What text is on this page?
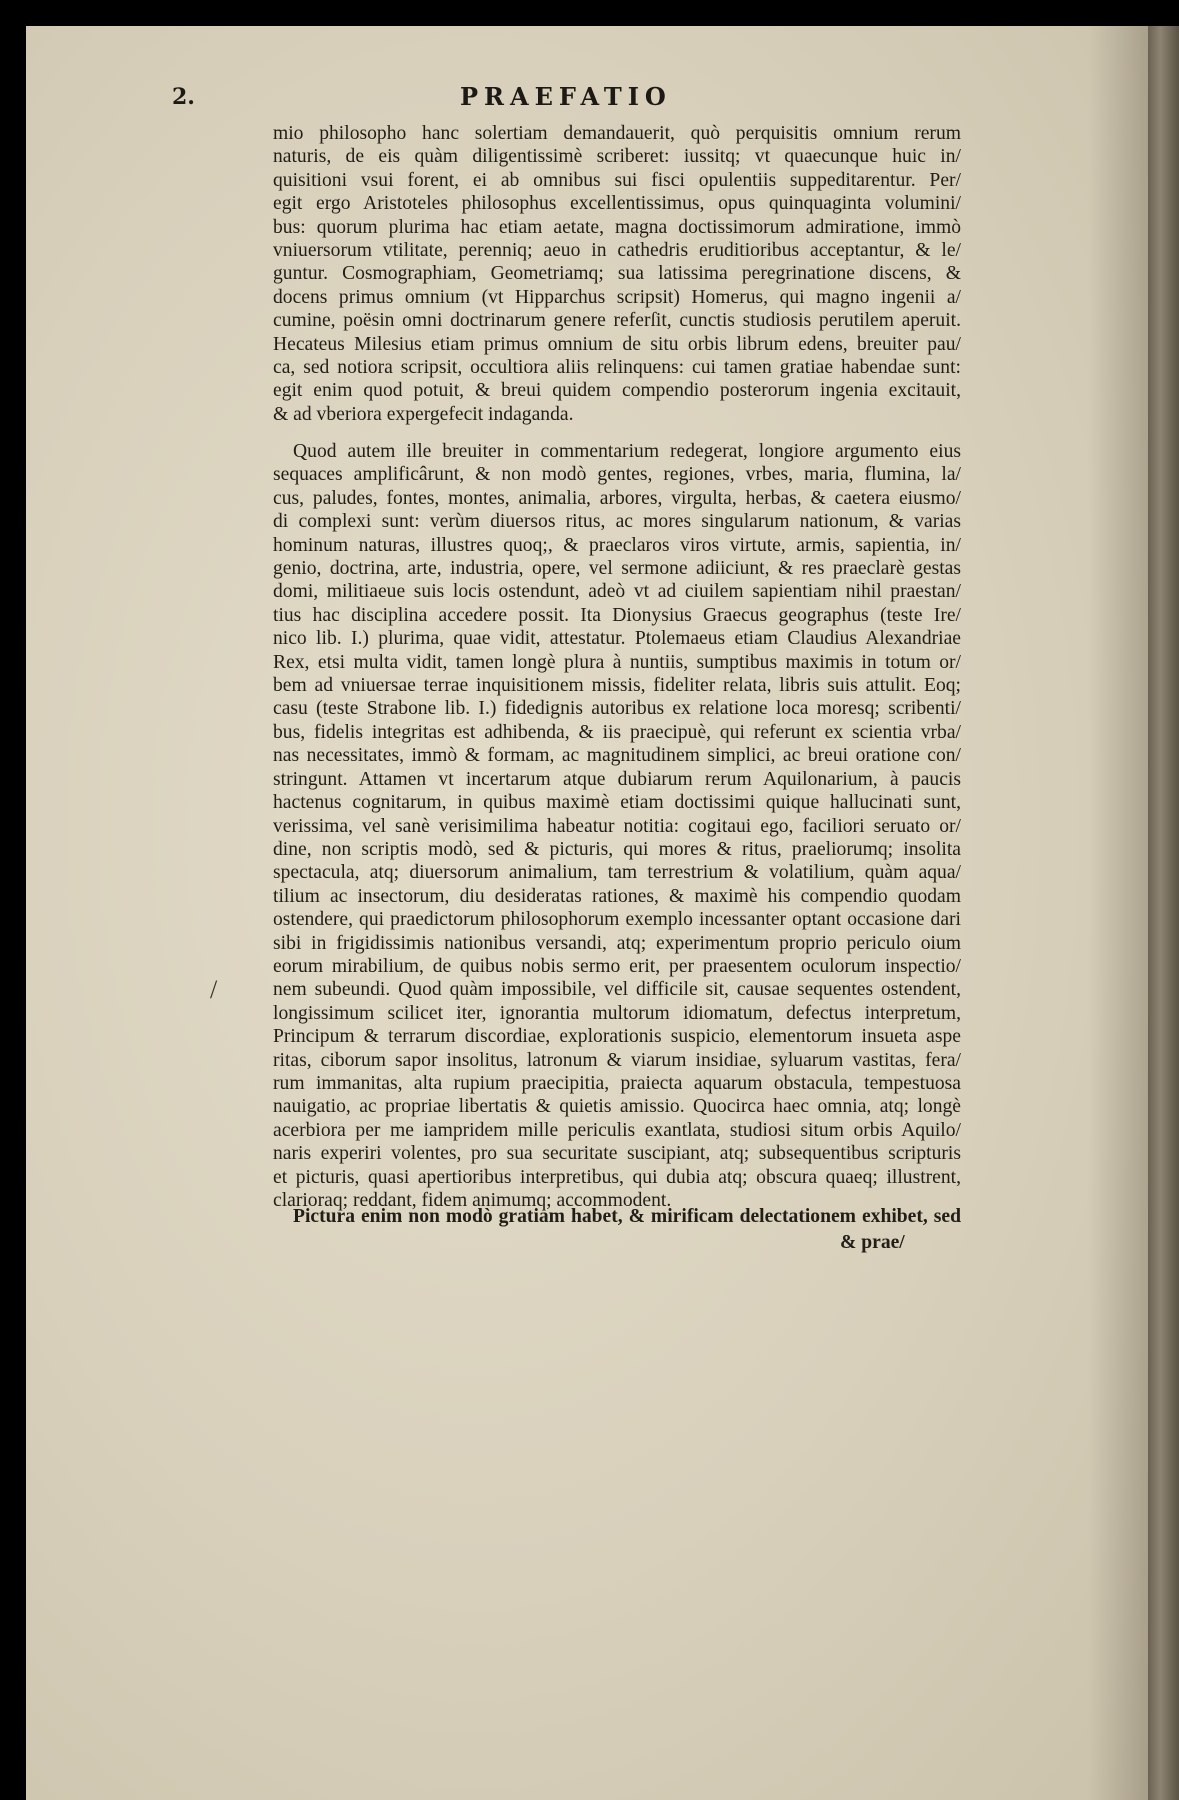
2.	PRAEFATIO
mio philosopho hanc solertiam demandauerit, quò perquisitis omnium rerum
naturis, de eis quàm diligentissimè scriberet: iussitq; vt quaecunque huic in/
quisitioni vsui forent, ei ab omnibus sui fisci opulentiis suppeditarentur. Per/
egit ergo Aristoteles philosophus excellentissimus, opus quinquaginta volumini/
bus: quorum plurima hac etiam aetate, magna doctissimorum admiratione, immò
vniuersorum vtilitate, perenniq; aeuo in cathedris eruditioribus acceptantur, & le/
guntur. Cosmographiam, Geometriamq; sua latissima peregrinatione discens, &
docens primus omnium (vt Hipparchus scripsit) Homerus, qui magno ingenii a/
cumine, poësin omni doctrinarum genere referſit, cunctis studiosis perutilem aperuit.
Hecateus Milesius etiam primus omnium de situ orbis librum edens, breuiter pau/
ca, sed notiora scripsit, occultiora aliis relinquens: cui tamen gratiae habendae sunt:
egit enim quod potuit, & breui quidem compendio posterorum ingenia excitauit,
& ad vberiora expergefecit indaganda.
Quod autem ille breuiter in commentarium redegerat, longiore argumento eius
sequaces amplificârunt, & non modò gentes, regiones, vrbes, maria, flumina, la/
cus, paludes, fontes, montes, animalia, arbores, virgulta, herbas, & caetera eiusmo/
di complexi sunt: verùm diuersos ritus, ac mores singularum nationum, & varias
hominum naturas, illustres quoq;, & praeclaros viros virtute, armis, sapientia, in/
genio, doctrina, arte, industria, opere, vel sermone adiiciunt, & res praeclarè gestas
domi, militiaeue suis locis ostendunt, adeò vt ad ciuilem sapientiam nihil praestan/
tius hac disciplina accedere possit. Ita Dionysius Graecus geographus (teste Ire/
nico lib. I.) plurima, quae vidit, attestatur. Ptolemaeus etiam Claudius Alexandriae
Rex, etsi multa vidit, tamen longè plura à nuntiis, sumptibus maximis in totum or/
bem ad vniuersae terrae inquisitionem missis, fideliter relata, libris suis attulit. Eoq;
casu (teste Strabone lib. I.) fidedignis autoribus ex relatione loca moresq; scribenti/
bus, fidelis integritas est adhibenda, & iis praecipuè, qui referunt ex scientia vrba/
nas necessitates, immò & formam, ac magnitudinem simplici, ac breui oratione con/
stringunt. Attamen vt incertarum atque dubiarum rerum Aquilonarium, à paucis
hactenus cognitarum, in quibus maximè etiam doctissimi quique hallucinati sunt,
verissima, vel sanè verisimilima habeatur notitia: cogitaui ego, faciliori seruato or/
dine, non scriptis modò, sed & picturis, qui mores & ritus, praeliorumq; insolita
spectacula, atq; diuersorum animalium, tam terrestrium & volatilium, quàm aqua/
tilium ac insectorum, diu desideratas rationes, & maximè his compendio quodam
ostendere, qui praedictorum philosophorum exemplo incessanter optant occasione dari
sibi in frigidissimis nationibus versandi, atq; experimentum proprio periculo oium
eorum mirabilium, de quibus nobis sermo erit, per praesentem oculorum inspectio/
nem subeundi. Quod quàm impossibile, vel difficile sit, causae sequentes ostendent,
longissimum scilicet iter, ignorantia multorum idiomatum, defectus interpretum,
Principum & terrarum discordiae, explorationis suspicio, elementorum insueta aspe
ritas, ciborum sapor insolitus, latronum & viarum insidiae, syluarum vastitas, fera/
rum immanitas, alta rupium praecipitia, praiecta aquarum obstacula, tempestuosa
nauigatio, ac propriae libertatis & quietis amissio. Quocirca haec omnia, atq; longè
acerbiora per me iampridem mille periculis exantlata, studiosi situm orbis Aquilo/
naris experiri volentes, pro sua securitate suscipiant, atq; subsequentibus scripturis
et picturis, quasi apertioribus interpretibus, qui dubia atq; obscura quaeq; illustrent,
clarioraq; reddant, fidem animumq; accommodent.
Pictura enim non modò gratiam habet, & mirificam delectationem exhibet, sed
& prae/
/
